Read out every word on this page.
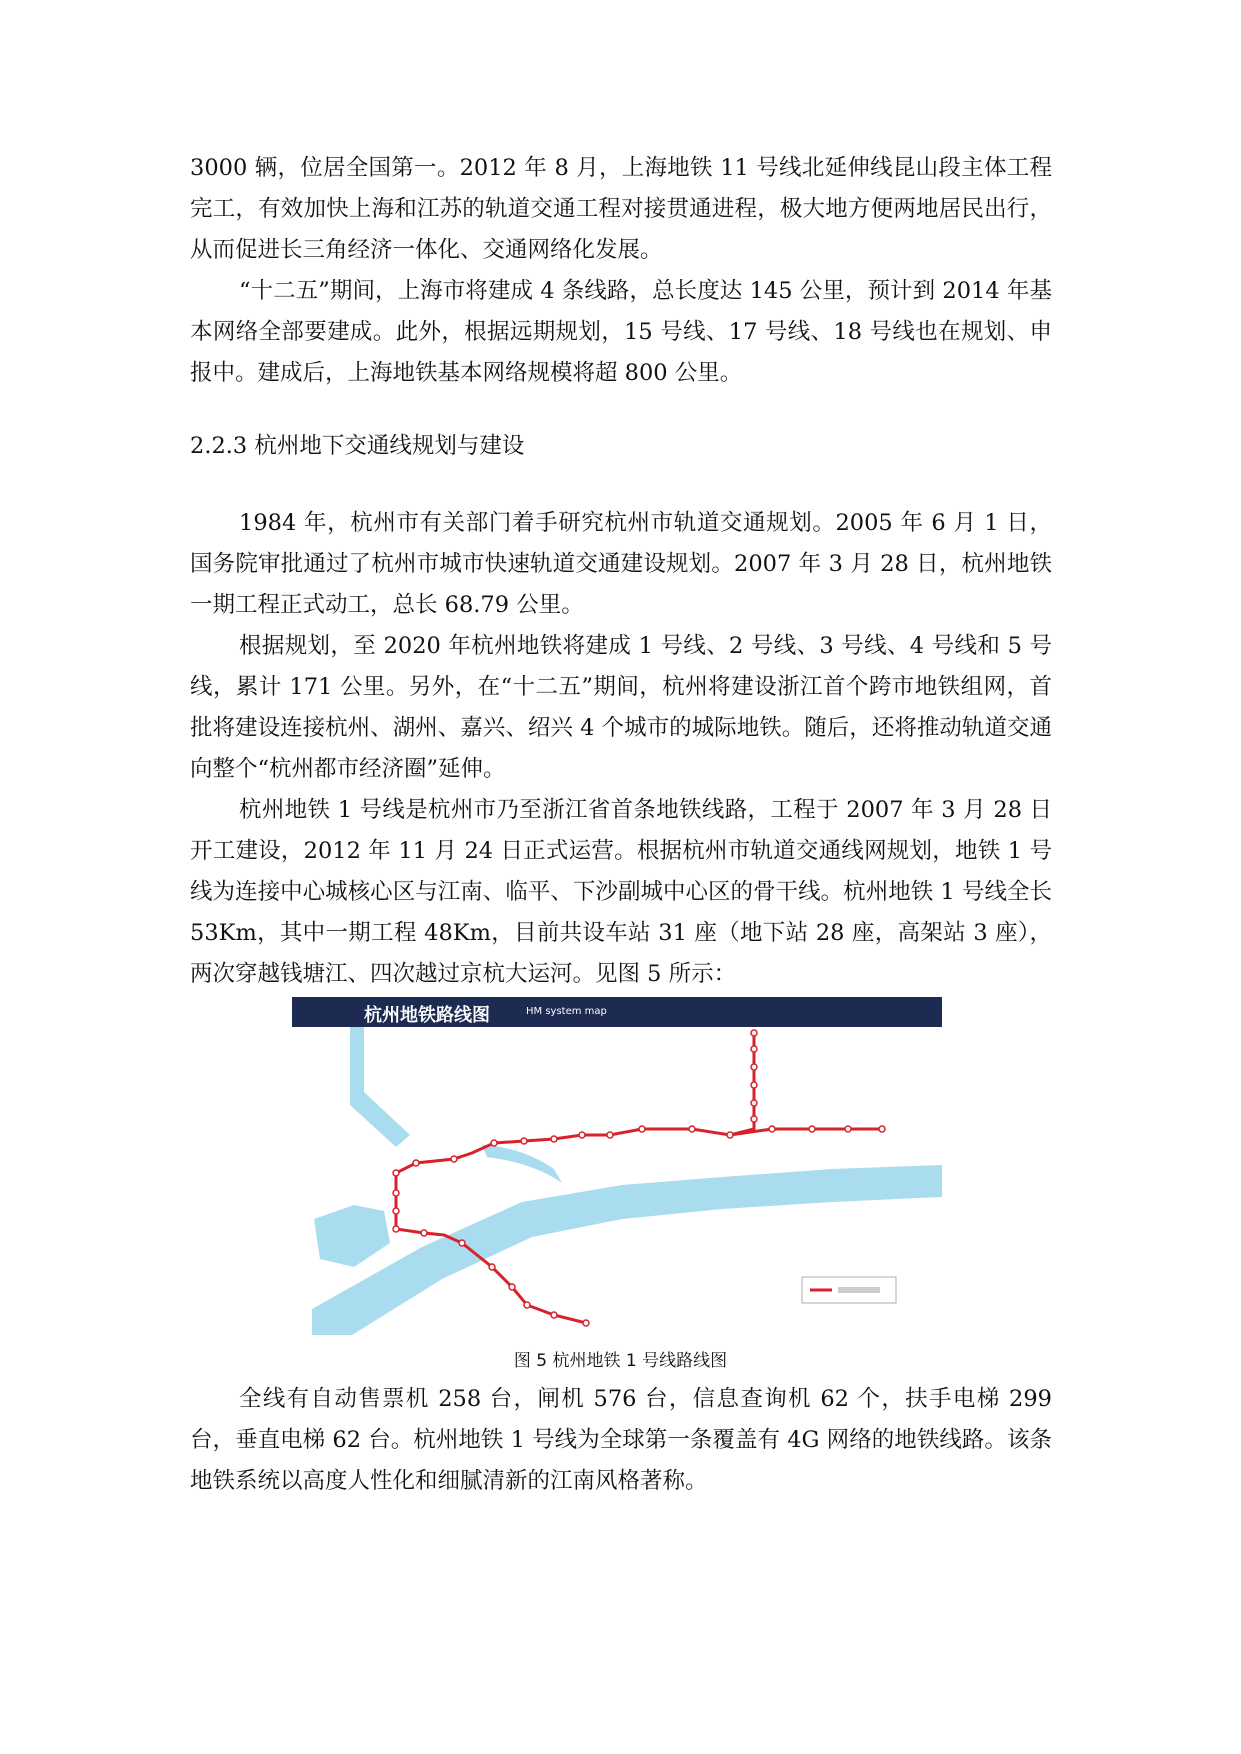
3000 辆，位居全国第一。2012 年 8 月，上海地铁 11 号线北延伸线昆山段主体工程完工，有效加快上海和江苏的轨道交通工程对接贯通进程，极大地方便两地居民出行，从而促进长三角经济一体化、交通网络化发展。

“十二五”期间，上海市将建成 4 条线路，总长度达 145 公里，预计到 2014 年基本网络全部要建成。此外，根据远期规划，15 号线、17 号线、18 号线也在规划、申报中。建成后，上海地铁基本网络规模将超 800 公里。

2.2.3 杭州地下交通线规划与建设

1984 年，杭州市有关部门着手研究杭州市轨道交通规划。2005 年 6 月 1 日，国务院审批通过了杭州市城市快速轨道交通建设规划。2007 年 3 月 28 日，杭州地铁一期工程正式动工，总长 68.79 公里。

根据规划，至 2020 年杭州地铁将建成 1 号线、2 号线、3 号线、4 号线和 5 号线，累计 171 公里。另外，在“十二五”期间，杭州将建设浙江首个跨市地铁组网，首批将建设连接杭州、湖州、嘉兴、绍兴 4 个城市的城际地铁。随后，还将推动轨道交通向整个“杭州都市经济圈”延伸。

杭州地铁 1 号线是杭州市乃至浙江省首条地铁线路，工程于 2007 年 3 月 28 日开工建设，2012 年 11 月 24 日正式运营。根据杭州市轨道交通线网规划，地铁 1 号线为连接中心城核心区与江南、临平、下沙副城中心区的骨干线。杭州地铁 1 号线全长 53Km，其中一期工程 48Km，目前共设车站 31 座（地下站 28 座，高架站 3 座），两次穿越钱塘江、四次越过京杭大运河。见图 5 所示：

杭州地铁路线图	HM system map

图 5 杭州地铁 1 号线路线图

全线有自动售票机 258 台，闸机 576 台，信息查询机 62 个，扶手电梯 299 台，垂直电梯 62 台。杭州地铁 1 号线为全球第一条覆盖有 4G 网络的地铁线路。该条地铁系统以高度人性化和细腻清新的江南风格著称。
